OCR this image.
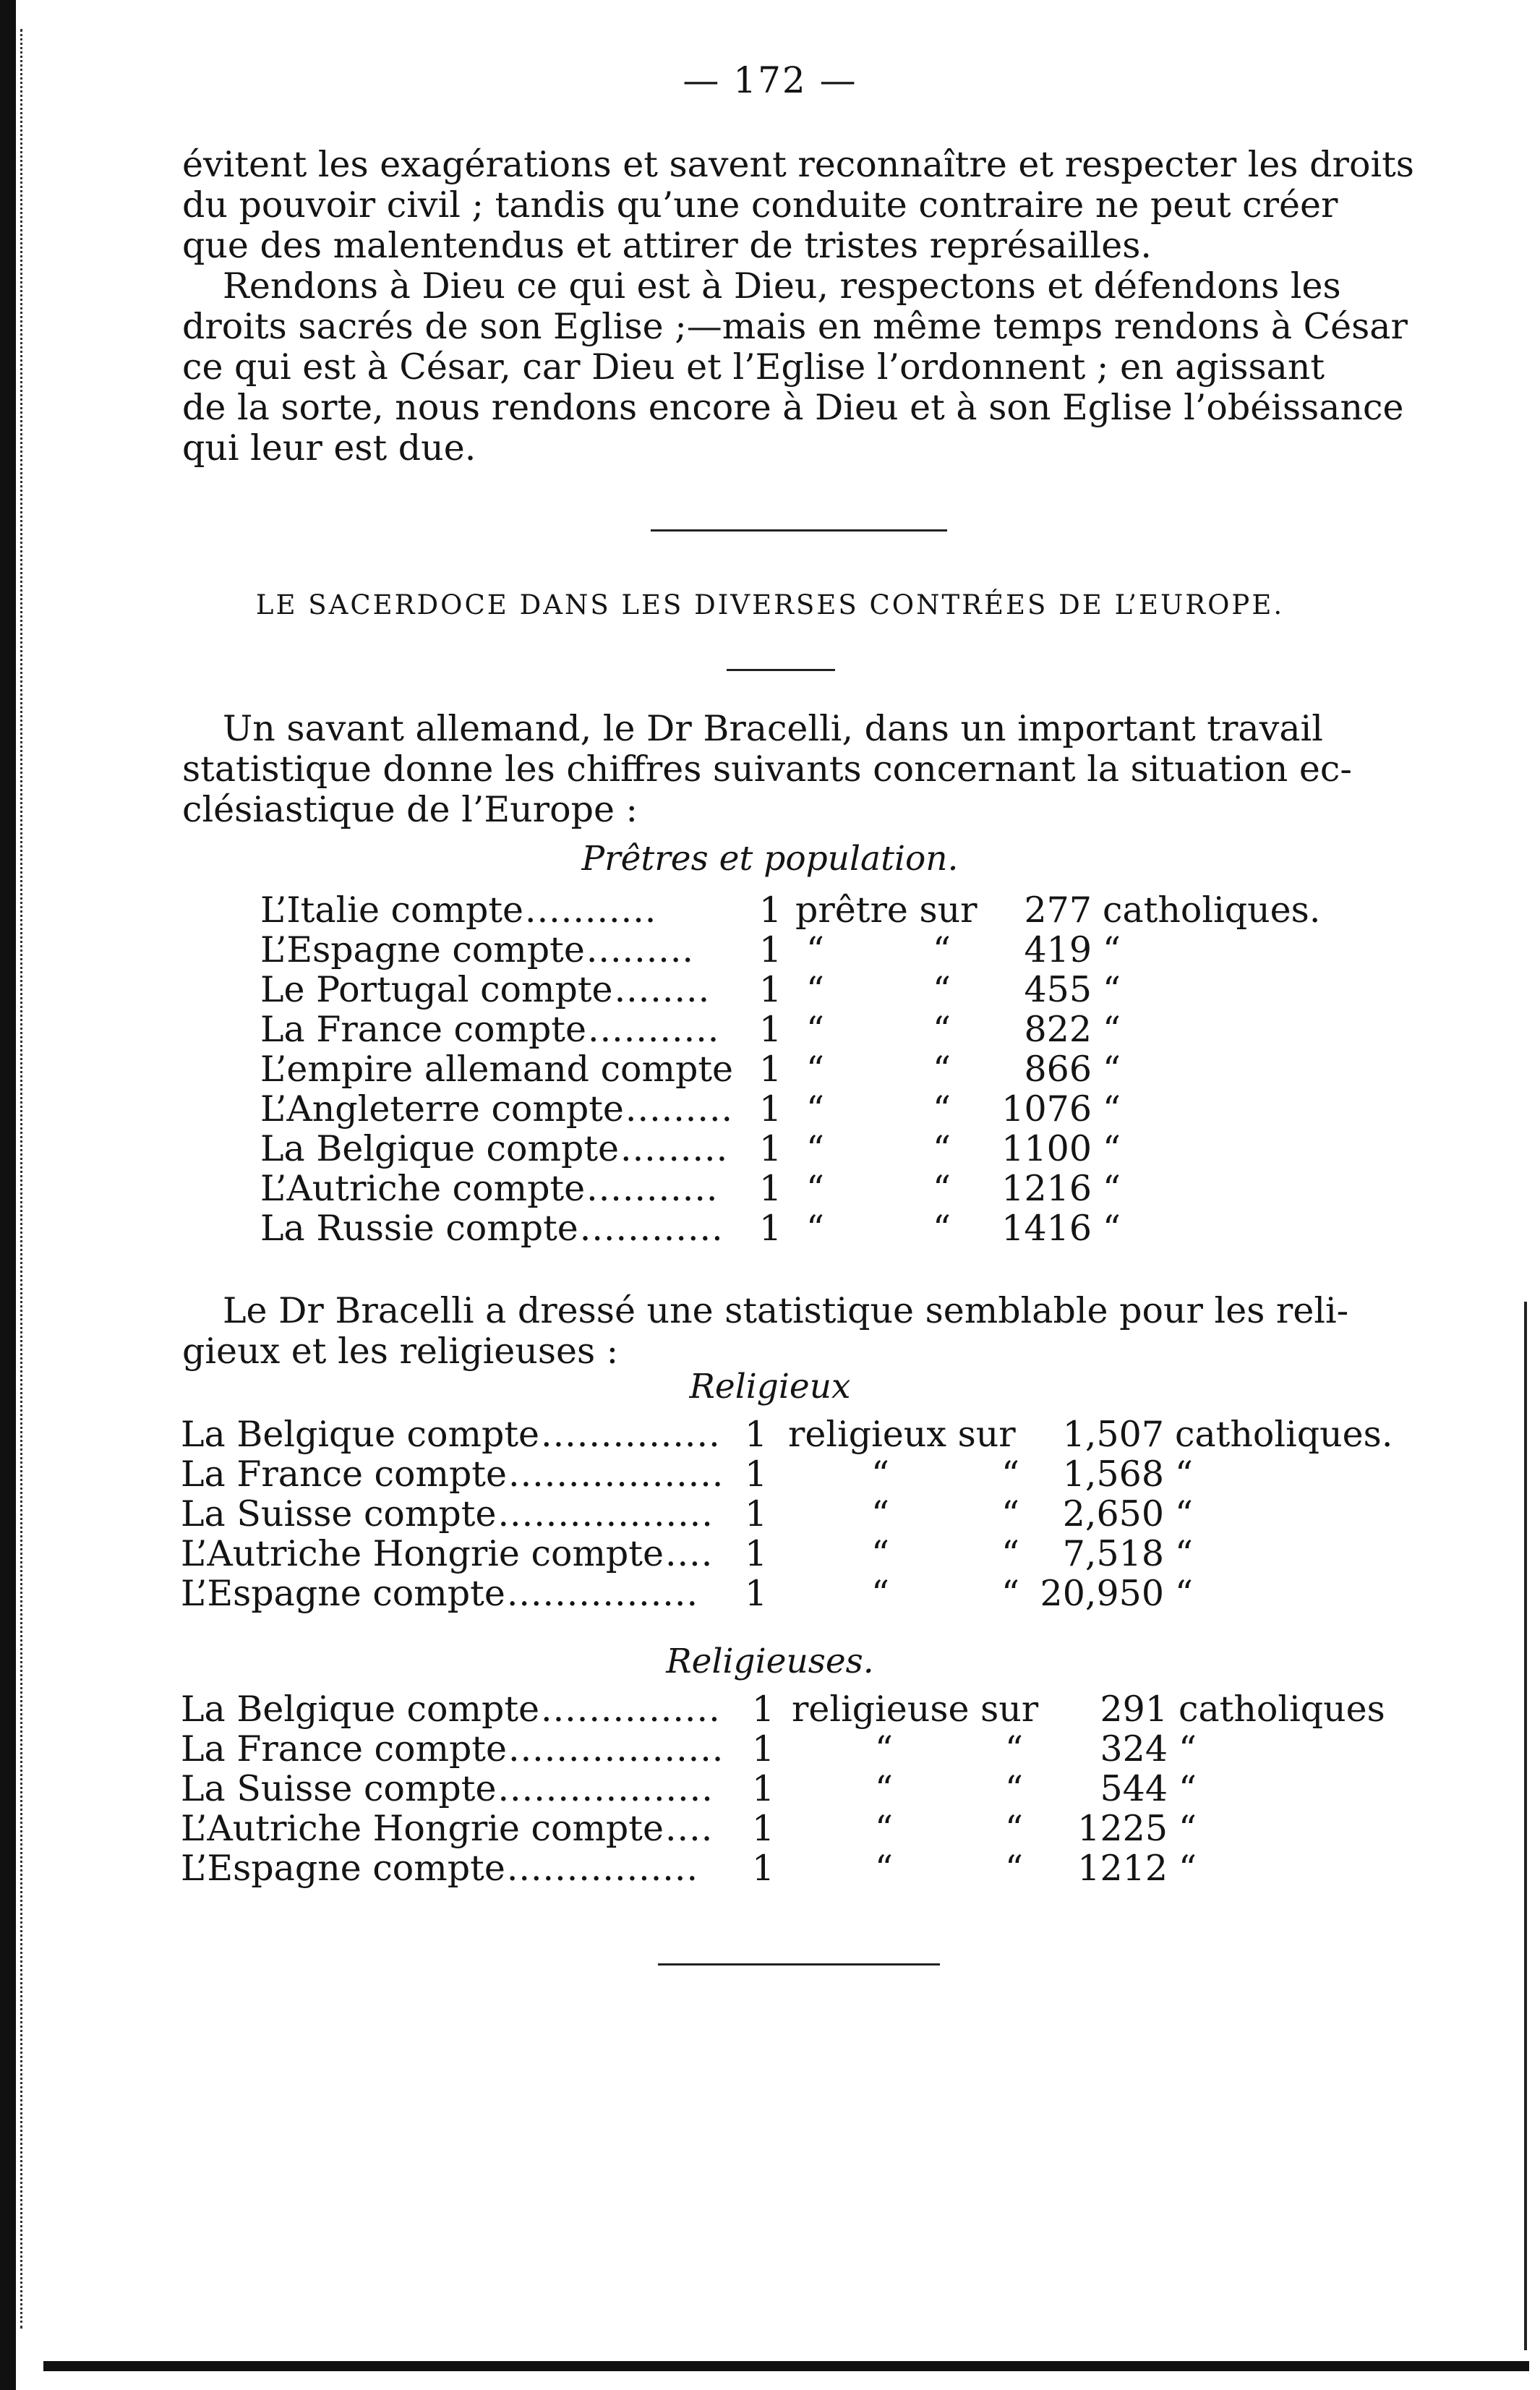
— 172 —
évitent les exagérations et savent reconnaître et respecter les droits
du pouvoir civil ; tandis qu’une conduite contraire ne peut créer
que des malentendus et attirer de tristes représailles.
Rendons à Dieu ce qui est à Dieu, respectons et défendons les
droits sacrés de son Eglise ;—mais en même temps rendons à César
ce qui est à César, car Dieu et l’Eglise l’ordonnent ; en agissant
de la sorte, nous rendons encore à Dieu et à son Eglise l’obéissance
qui leur est due.
LE SACERDOCE DANS LES DIVERSES CONTRÉES DE L’EUROPE.
Un savant allemand, le Dr Bracelli, dans un important travail
statistique donne les chiffres suivants concernant la situation ec-
clésiastique de l’Europe :
Prêtres et population.
L’Italie compte ...........	1 prêtre sur	277 catholiques.
L’Espagne compte ......... 1 “	“	419 “
Le Portugal compte ........ 1 “	“	455 “
La France compte ........... 1 “	“	822 “
L’empire allemand compte 1 “	“	866 “
L’Angleterre compte ......... 1 “	“	1076 “
La Belgique compte ......... 1 “	“	1100 “
L’Autriche compte ........... 1 “	“	1216 “
La Russie compte ............ 1 “	“	1416 “
Le Dr Bracelli a dressé une statistique semblable pour les reli-
gieux et les religieuses :
Religieux
La Belgique compte ............... 1 religieux sur	1,507 catholiques.
La France compte .................. 1	“	“	1,568 “
La Suisse compte .................. 1	“	“	2,650 “
L’Autriche Hongrie compte .... 1	“	“	7,518 “
L’Espagne compte ................ 1	“	“ 20,950 “
Religieuses.
La Belgique compte ............... 1 religieuse sur	291 catholiques
La France compte .................. 1	“	“	324 “
La Suisse compte .................. 1	“	“	544 “
L’Autriche Hongrie compte .... 1	“	“	1225 “
L’Espagne compte ................ 1	“	“	1212 “
